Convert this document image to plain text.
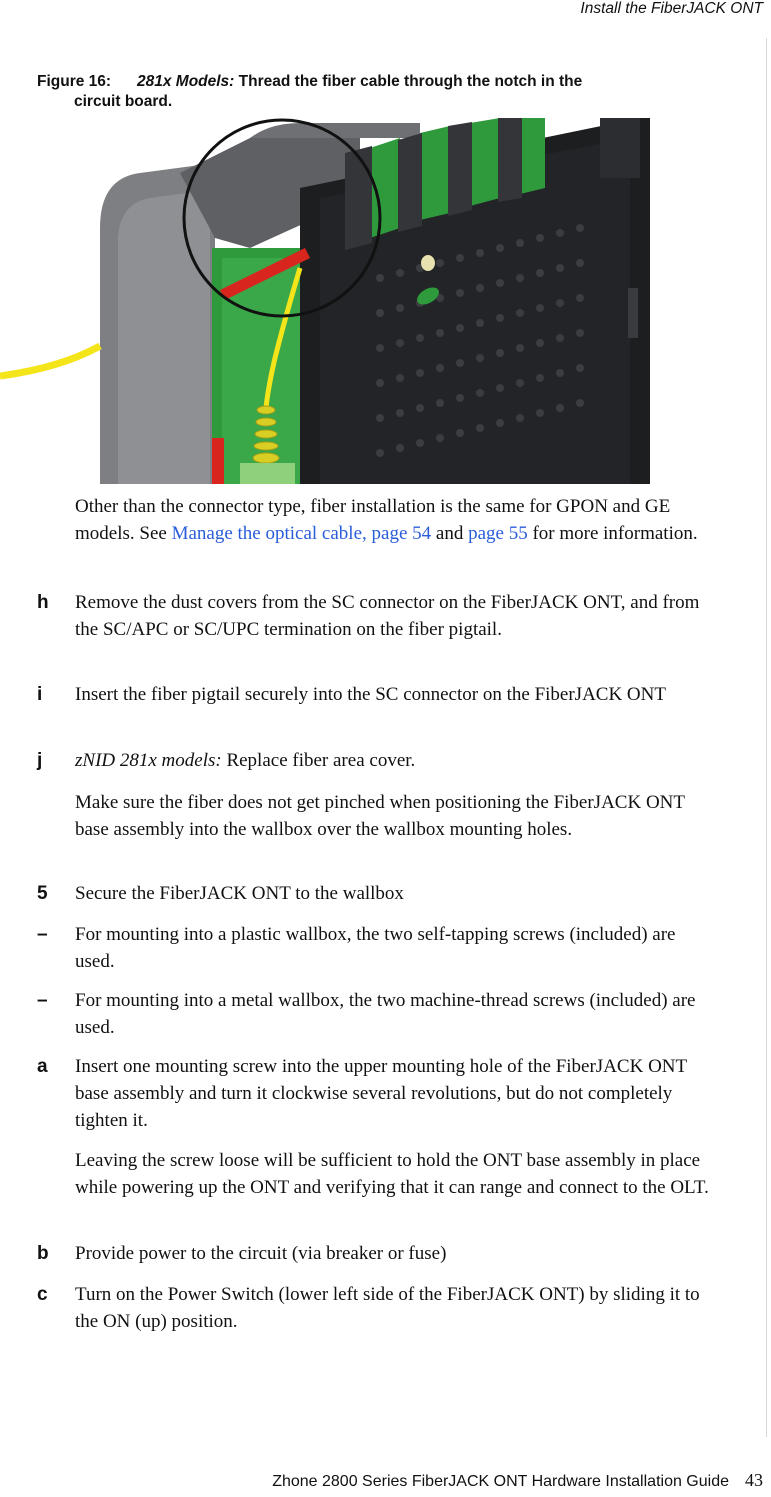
Install the FiberJACK ONT
Figure 16: 281x Models: Thread the fiber cable through the notch in the
circuit board.
Other than the connector type, fiber installation is the same for GPON and GE models. See Manage the optical cable, page 54 and page 55 for more information.
h Remove the dust covers from the SC connector on the FiberJACK ONT, and from the SC/APC or SC/UPC termination on the fiber pigtail.
i Insert the fiber pigtail securely into the SC connector on the FiberJACK ONT
j zNID 281x models: Replace fiber area cover.
Make sure the fiber does not get pinched when positioning the FiberJACK ONT base assembly into the wallbox over the wallbox mounting holes.
5 Secure the FiberJACK ONT to the wallbox
– For mounting into a plastic wallbox, the two self-tapping screws (included) are used.
– For mounting into a metal wallbox, the two machine-thread screws (included) are used.
a Insert one mounting screw into the upper mounting hole of the FiberJACK ONT base assembly and turn it clockwise several revolutions, but do not completely tighten it.
Leaving the screw loose will be sufficient to hold the ONT base assembly in place while powering up the ONT and verifying that it can range and connect to the OLT.
b Provide power to the circuit (via breaker or fuse)
c Turn on the Power Switch (lower left side of the FiberJACK ONT) by sliding it to the ON (up) position.
Zhone 2800 Series FiberJACK ONT Hardware Installation Guide 43
